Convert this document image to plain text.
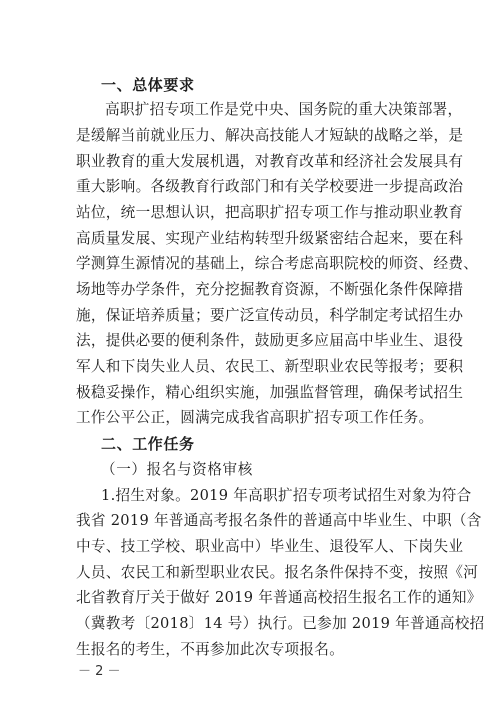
一、总体要求
高职扩招专项工作是党中央、国务院的重大决策部署，
是缓解当前就业压力、解决高技能人才短缺的战略之举，是
职业教育的重大发展机遇，对教育改革和经济社会发展具有
重大影响。各级教育行政部门和有关学校要进一步提高政治
站位，统一思想认识，把高职扩招专项工作与推动职业教育
高质量发展、实现产业结构转型升级紧密结合起来，要在科
学测算生源情况的基础上，综合考虑高职院校的师资、经费、
场地等办学条件，充分挖掘教育资源，不断强化条件保障措
施，保证培养质量；要广泛宣传动员，科学制定考试招生办
法，提供必要的便利条件，鼓励更多应届高中毕业生、退役
军人和下岗失业人员、农民工、新型职业农民等报考；要积
极稳妥操作，精心组织实施，加强监督管理，确保考试招生
工作公平公正，圆满完成我省高职扩招专项工作任务。
二、工作任务
（一）报名与资格审核
1.招生对象。2019 年高职扩招专项考试招生对象为符合
我省 2019 年普通高考报名条件的普通高中毕业生、中职（含
中专、技工学校、职业高中）毕业生、退役军人、下岗失业
人员、农民工和新型职业农民。报名条件保持不变，按照《河
北省教育厅关于做好 2019 年普通高校招生报名工作的通知》
（冀教考〔2018〕14 号）执行。已参加 2019 年普通高校招
生报名的考生，不再参加此次专项报名。
－ 2 －
